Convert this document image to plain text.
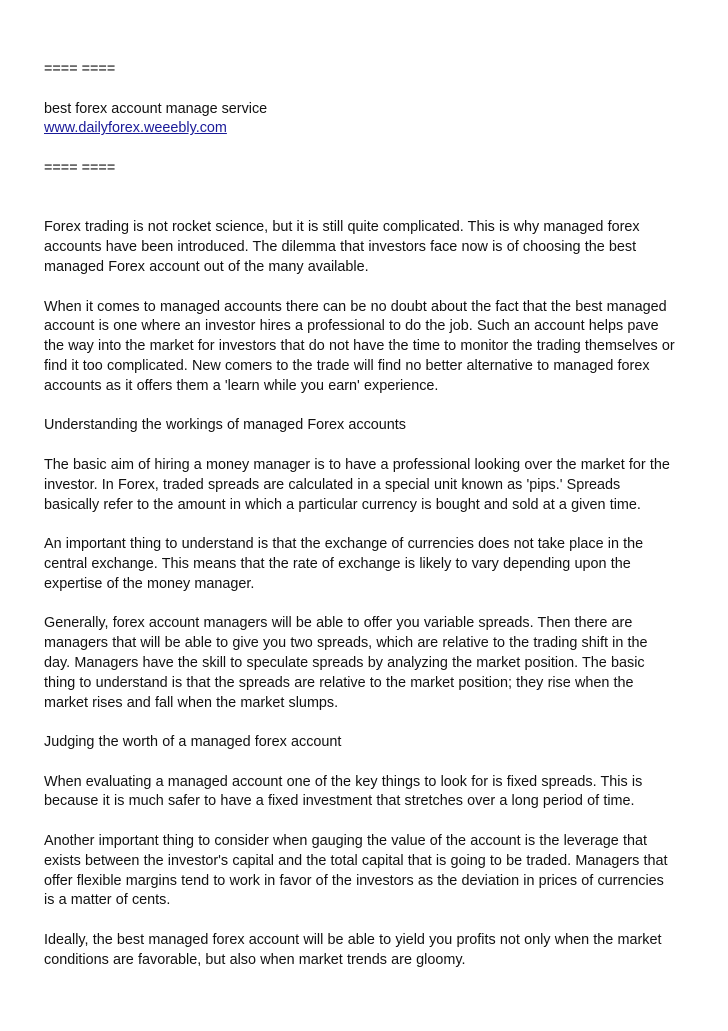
==== ====
best forex account manage service
www.dailyforex.weeebly.com
==== ====

Forex trading is not rocket science, but it is still quite complicated. This is why managed forex
accounts have been introduced. The dilemma that investors face now is of choosing the best
managed Forex account out of the many available.

When it comes to managed accounts there can be no doubt about the fact that the best managed
account is one where an investor hires a professional to do the job. Such an account helps pave
the way into the market for investors that do not have the time to monitor the trading themselves or
find it too complicated. New comers to the trade will find no better alternative to managed forex
accounts as it offers them a 'learn while you earn' experience.

Understanding the workings of managed Forex accounts

The basic aim of hiring a money manager is to have a professional looking over the market for the
investor. In Forex, traded spreads are calculated in a special unit known as 'pips.' Spreads
basically refer to the amount in which a particular currency is bought and sold at a given time.

An important thing to understand is that the exchange of currencies does not take place in the
central exchange. This means that the rate of exchange is likely to vary depending upon the
expertise of the money manager.

Generally, forex account managers will be able to offer you variable spreads. Then there are
managers that will be able to give you two spreads, which are relative to the trading shift in the
day. Managers have the skill to speculate spreads by analyzing the market position. The basic
thing to understand is that the spreads are relative to the market position; they rise when the
market rises and fall when the market slumps.

Judging the worth of a managed forex account

When evaluating a managed account one of the key things to look for is fixed spreads. This is
because it is much safer to have a fixed investment that stretches over a long period of time.

Another important thing to consider when gauging the value of the account is the leverage that
exists between the investor's capital and the total capital that is going to be traded. Managers that
offer flexible margins tend to work in favor of the investors as the deviation in prices of currencies
is a matter of cents.

Ideally, the best managed forex account will be able to yield you profits not only when the market
conditions are favorable, but also when market trends are gloomy.
